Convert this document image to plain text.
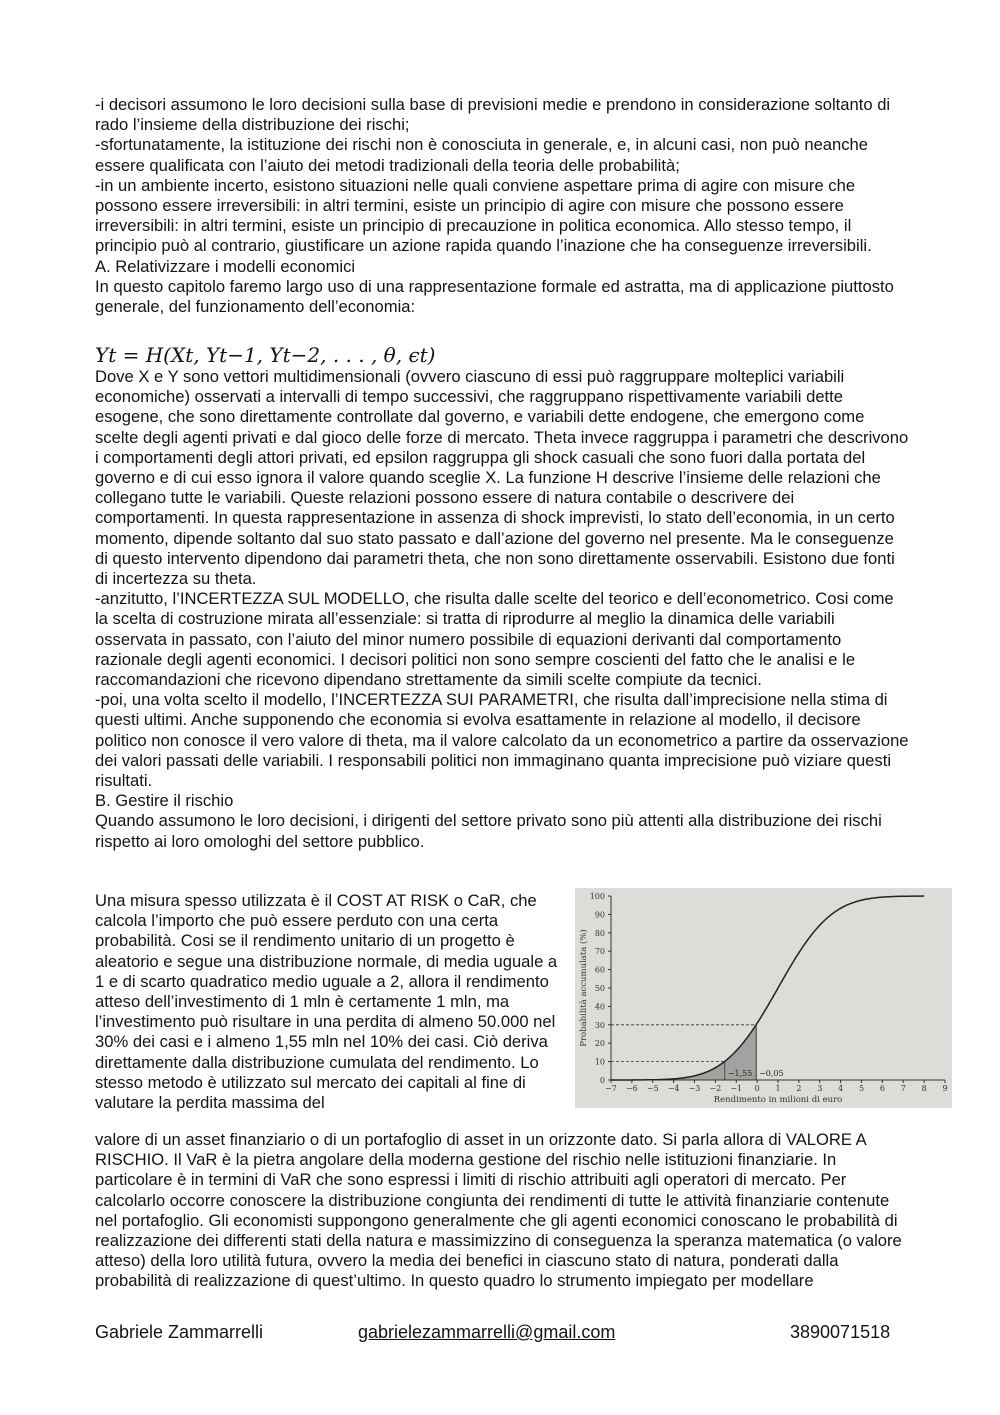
-i decisori assumono le loro decisioni sulla base di previsioni medie e prendono in considerazione soltanto di rado l’insieme della distribuzione dei rischi;

-sfortunatamente, la istituzione dei rischi non è conosciuta in generale, e, in alcuni casi, non può neanche essere qualificata con l’aiuto dei metodi tradizionali della teoria delle probabilità;

-in un ambiente incerto, esistono situazioni nelle quali conviene aspettare prima di agire con misure che possono essere irreversibili: in altri termini, esiste un principio di agire con misure che possono essere irreversibili: in altri termini, esiste un principio di precauzione in politica economica. Allo stesso tempo, il principio può al contrario, giustificare un azione rapida quando l’inazione che ha conseguenze irreversibili.

A. Relativizzare i modelli economici

In questo capitolo faremo largo uso di una rappresentazione formale ed astratta, ma di applicazione piuttosto generale, del funzionamento dell’economia:

Yt = H(Xt, Yt−1, Yt−2, . . . , θ, ϵt)

Dove X e Y sono vettori multidimensionali (ovvero ciascuno di essi può raggruppare molteplici variabili economiche) osservati a intervalli di tempo successivi, che raggruppano rispettivamente variabili dette esogene, che sono direttamente controllate dal governo, e variabili dette endogene, che emergono come scelte degli agenti privati e dal gioco delle forze di mercato. Theta invece raggruppa i parametri che descrivono i comportamenti degli attori privati, ed epsilon raggruppa gli shock casuali che sono fuori dalla portata del governo e di cui esso ignora il valore quando sceglie X. La funzione H descrive l’insieme delle relazioni che collegano tutte le variabili. Queste relazioni possono essere di natura contabile o descrivere dei comportamenti. In questa rappresentazione in assenza di shock imprevisti, lo stato dell’economia, in un certo momento, dipende soltanto dal suo stato passato e dall’azione del governo nel presente. Ma le conseguenze di questo intervento dipendono dai parametri theta, che non sono direttamente osservabili. Esistono due fonti di incertezza su theta.

-anzitutto, l’INCERTEZZA SUL MODELLO, che risulta dalle scelte del teorico e dell’econometrico. Cosi come la scelta di costruzione mirata all’essenziale: si tratta di riprodurre al meglio la dinamica delle variabili osservata in passato, con l’aiuto del minor numero possibile di equazioni derivanti dal comportamento razionale degli agenti economici. I decisori politici non sono sempre coscienti del fatto che le analisi e le raccomandazioni che ricevono dipendano strettamente da simili scelte compiute da tecnici.

-poi, una volta scelto il modello, l’INCERTEZZA SUI PARAMETRI, che risulta dall’imprecisione nella stima di questi ultimi. Anche supponendo che economia si evolva esattamente in relazione al modello, il decisore politico non conosce il vero valore di theta, ma il valore calcolato da un econometrico a partire da osservazione dei valori passati delle variabili. I responsabili politici non immaginano quanta imprecisione può viziare questi risultati.

B. Gestire il rischio

Quando assumono le loro decisioni, i dirigenti del settore privato sono più attenti alla distribuzione dei rischi rispetto ai loro omologhi del settore pubblico.

Una misura spesso utilizzata è il COST AT RISK o CaR, che calcola l’importo che può essere perduto con una certa probabilità. Cosi se il rendimento unitario di un progetto è aleatorio e segue una distribuzione normale, di media uguale a 1 e di scarto quadratico medio uguale a 2, allora il rendimento atteso dell’investimento di 1 mln è certamente 1 mln, ma l’investimento può risultare in una perdita di almeno 50.000 nel 30% dei casi e i almeno 1,55 mln nel 10% dei casi. Ciò deriva direttamente dalla distribuzione cumulata del rendimento. Lo stesso metodo è utilizzato sul mercato dei capitali al fine di valutare la perdita massima del

0
10
20
30
40
50
60
70
80
90
100
−7 −6 −5 −4 −3 −2 −1 0 1 2 3 4 5 6 7 8 9
−1,55 −0,05
Rendimento in milioni di euro
Probabilità accumulata (%)

valore di un asset finanziario o di un portafoglio di asset in un orizzonte dato. Si parla allora di VALORE A RISCHIO. Il VaR è la pietra angolare della moderna gestione del rischio nelle istituzioni finanziarie. In particolare è in termini di VaR che sono espressi i limiti di rischio attribuiti agli operatori di mercato. Per calcolarlo occorre conoscere la distribuzione congiunta dei rendimenti di tutte le attività finanziarie contenute nel portafoglio. Gli economisti suppongono generalmente che gli agenti economici conoscano le probabilità di realizzazione dei differenti stati della natura e massimizzino di conseguenza la speranza matematica (o valore atteso) della loro utilità futura, ovvero la media dei benefici in ciascuno stato di natura, ponderati dalla probabilità di realizzazione di quest’ultimo. In questo quadro lo strumento impiegato per modellare

Gabriele Zammarrelli	gabrielezammarrelli@gmail.com	3890071518
